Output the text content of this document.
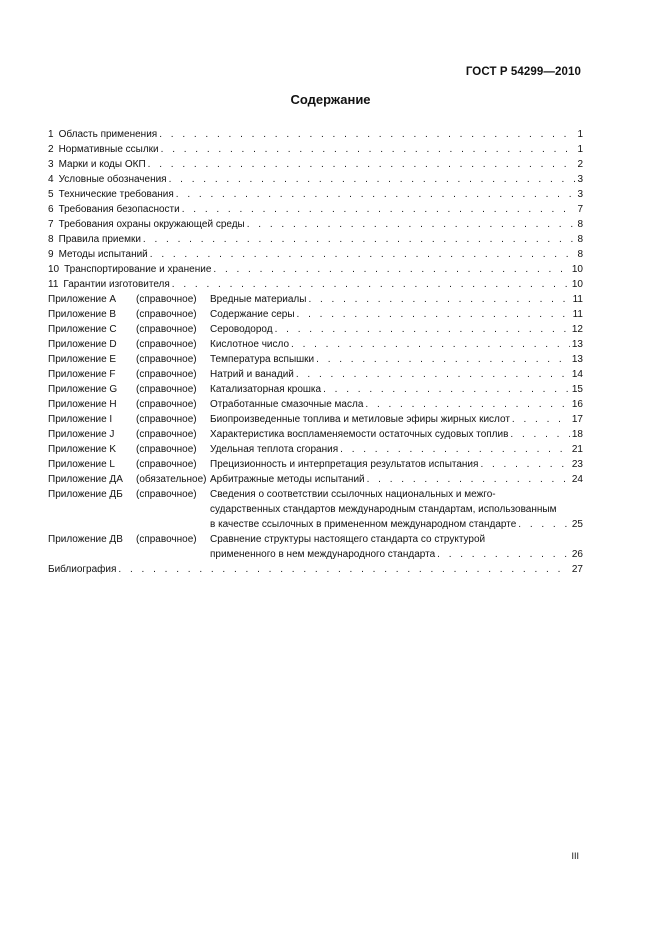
ГОСТ Р 54299—2010
Содержание
1 Область применения . . .	1
2 Нормативные ссылки . . .	1
3 Марки и коды ОКП . . .	2
4 Условные обозначения . . .	3
5 Технические требования . . .	3
6 Требования безопасности . . .	7
7 Требования охраны окружающей среды . . .	8
8 Правила приемки . . .	8
9 Методы испытаний . . .	8
10 Транспортирование и хранение . . .	10
11 Гарантии изготовителя . . .	10
Приложение A	(справочное)	Вредные материалы . . .	11
Приложение B	(справочное)	Содержание серы . . .	11
Приложение C	(справочное)	Сероводород . . .	12
Приложение D	(справочное)	Кислотное число . . .	13
Приложение E	(справочное)	Температура вспышки . . .	13
Приложение F	(справочное)	Натрий и ванадий . . .	14
Приложение G	(справочное)	Катализаторная крошка . . .	15
Приложение H	(справочное)	Отработанные смазочные масла . . .	16
Приложение I	(справочное)	Биопроизведенные топлива и метиловые эфиры жирных кислот . . .	17
Приложение J	(справочное)	Характеристика воспламеняемости остаточных судовых топлив . . .	18
Приложение K	(справочное)	Удельная теплота сгорания . . .	21
Приложение L	(справочное)	Прецизионность и интерпретация результатов испытания . . .	23
Приложение ДА	(обязательное) Арбитражные методы испытаний . . .	24
Приложение ДБ	(справочное) Сведения о соответствии ссылочных национальных и межго-
сударственных стандартов международным стандартам, использованным
в качестве ссылочных в примененном международном стандарте . . .	25
Приложение ДВ	(справочное) Сравнение структуры настоящего стандарта со структурой
примененного в нем международного стандарта . . .	26
Библиография . . .	27
III
